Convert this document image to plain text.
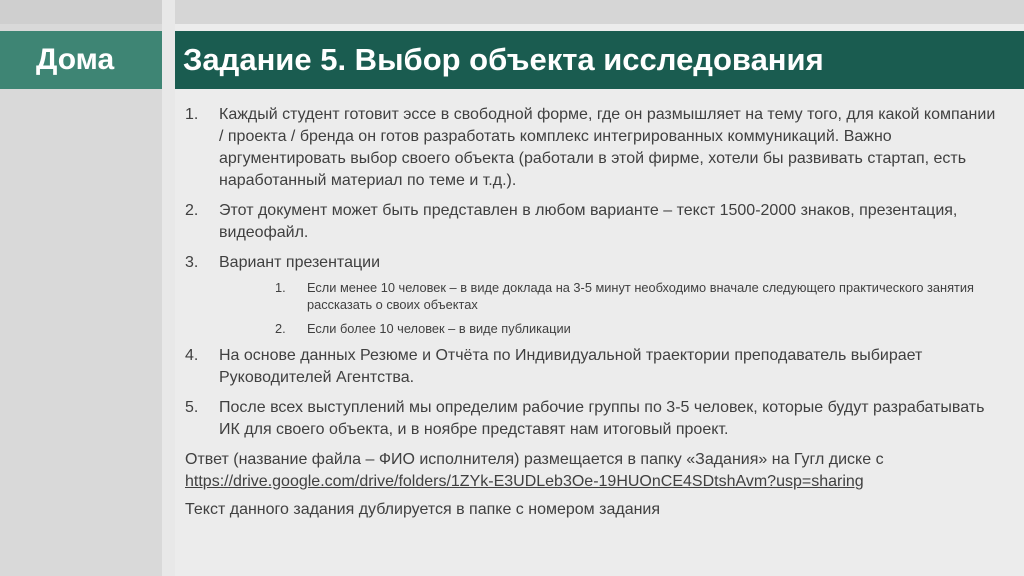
Дома Задание 5. Выбор объекта исследования
1. Каждый студент готовит эссе в свободной форме, где он размышляет на тему того, для какой компании / проекта / бренда он готов разработать комплекс интегрированных коммуникаций. Важно аргументировать выбор своего объекта (работали в этой фирме, хотели бы развивать стартап, есть наработанный материал по теме и т.д.).
2. Этот документ может быть представлен в любом варианте – текст 1500-2000 знаков, презентация, видеофайл.
3. Вариант презентации
1. Если менее 10 человек – в виде доклада на 3-5 минут необходимо вначале следующего практического занятия рассказать о своих объектах
2. Если более 10 человек – в виде публикации
4. На основе данных Резюме и Отчёта по Индивидуальной траектории преподаватель выбирает Руководителей Агентства.
5. После всех выступлений мы определим рабочие группы по 3-5 человек, которые будут разрабатывать ИК для своего объекта, и в ноябре представят нам итоговый проект.

Ответ (название файла – ФИО исполнителя) размещается в папку «Задания» на Гугл диске с
https://drive.google.com/drive/folders/1ZYk-E3UDLeb3Oe-19HUOnCE4SDtshAvm?usp=sharing

Текст данного задания дублируется в папке с номером задания
